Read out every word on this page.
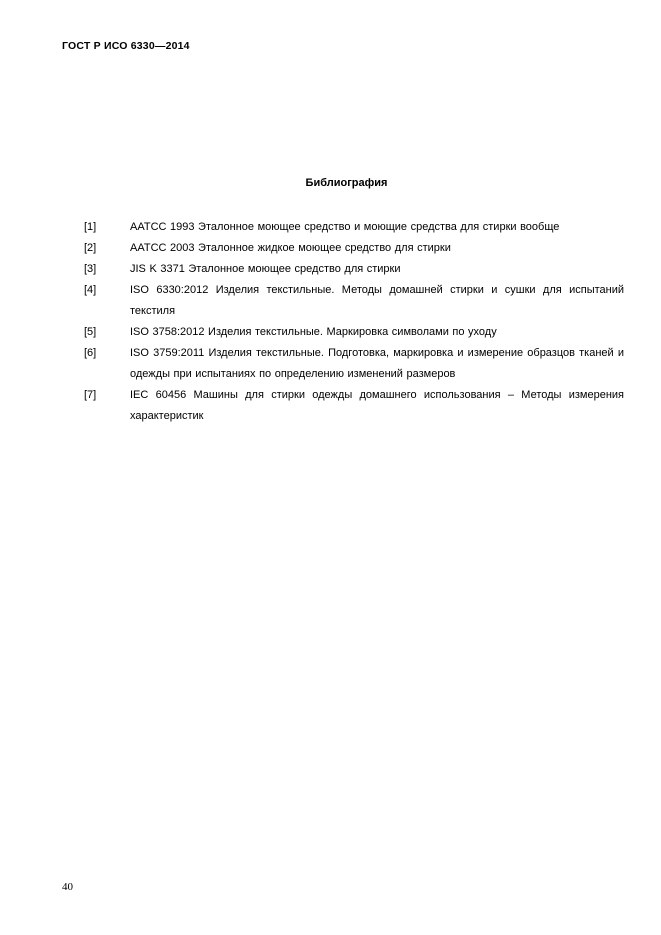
ГОСТ Р ИСО 6330—2014
Библиография
[1]	AATCC 1993 Эталонное моющее средство и моющие средства для стирки вообще
[2]	AATCC 2003 Эталонное жидкое моющее средство для стирки
[3]	JIS K 3371 Эталонное моющее средство для стирки
[4]	ISO 6330:2012 Изделия текстильные. Методы домашней стирки и сушки для испытаний текстиля
[5]	ISO 3758:2012 Изделия текстильные. Маркировка символами по уходу
[6]	ISO 3759:2011 Изделия текстильные. Подготовка, маркировка и измерение образцов тканей и одежды при испытаниях по определению изменений размеров
[7]	IEC 60456 Машины для стирки одежды домашнего использования – Методы измерения характеристик
40
